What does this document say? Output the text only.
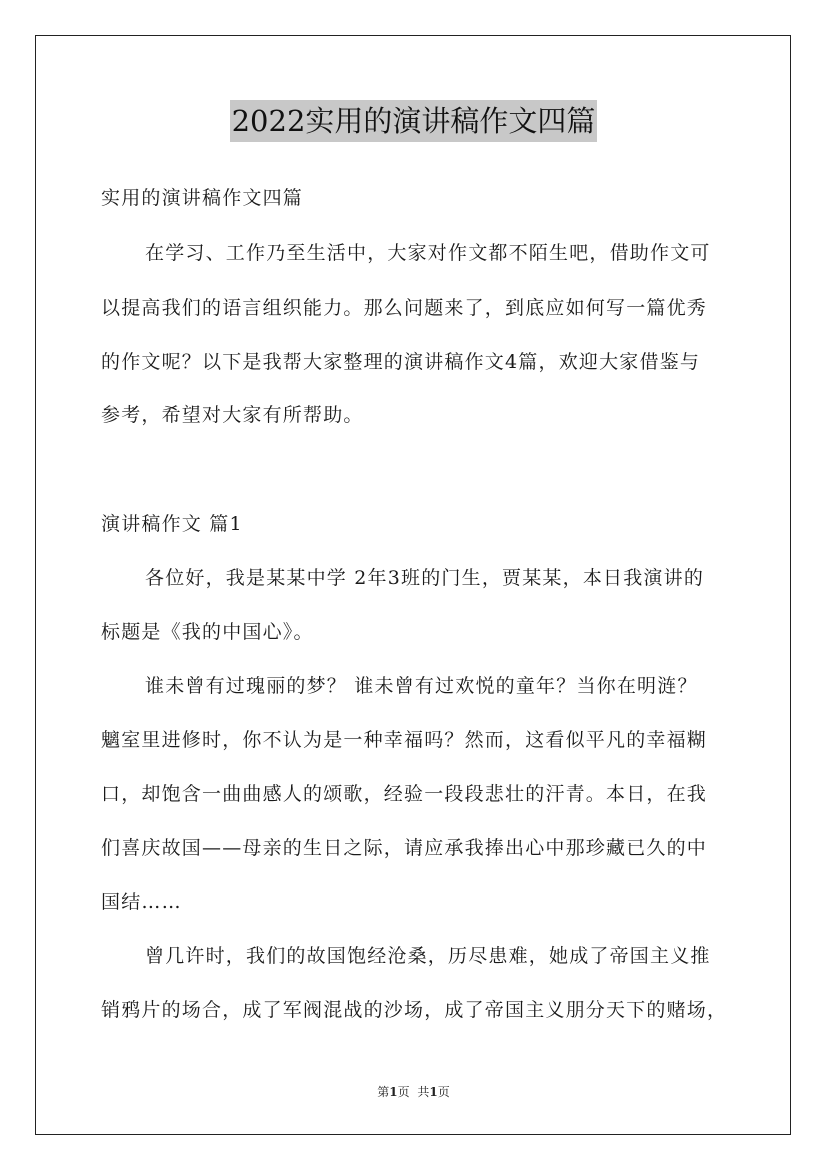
2022实用的演讲稿作文四篇
实用的演讲稿作文四篇
在学习、工作乃至生活中，大家对作文都不陌生吧，借助作文可
以提高我们的语言组织能力。那么问题来了，到底应如何写一篇优秀
的作文呢？以下是我帮大家整理的演讲稿作文4篇，欢迎大家借鉴与
参考，希望对大家有所帮助。
演讲稿作文 篇1
各位好，我是某某中学 2年3班的门生，贾某某，本日我演讲的
标题是《我的中国心》。
谁未曾有过瑰丽的梦？ 谁未曾有过欢悦的童年？当你在明涟？
魑室里进修时，你不认为是一种幸福吗？然而，这看似平凡的幸福糊
口，却饱含一曲曲感人的颂歌，经验一段段悲壮的汗青。本日，在我
们喜庆故国——母亲的生日之际，请应承我捧出心中那珍藏已久的中
国结……
曾几许时，我们的故国饱经沧桑，历尽患难，她成了帝国主义推
销鸦片的场合，成了军阀混战的沙场，成了帝国主义朋分天下的赌场，
第1页 共1页
